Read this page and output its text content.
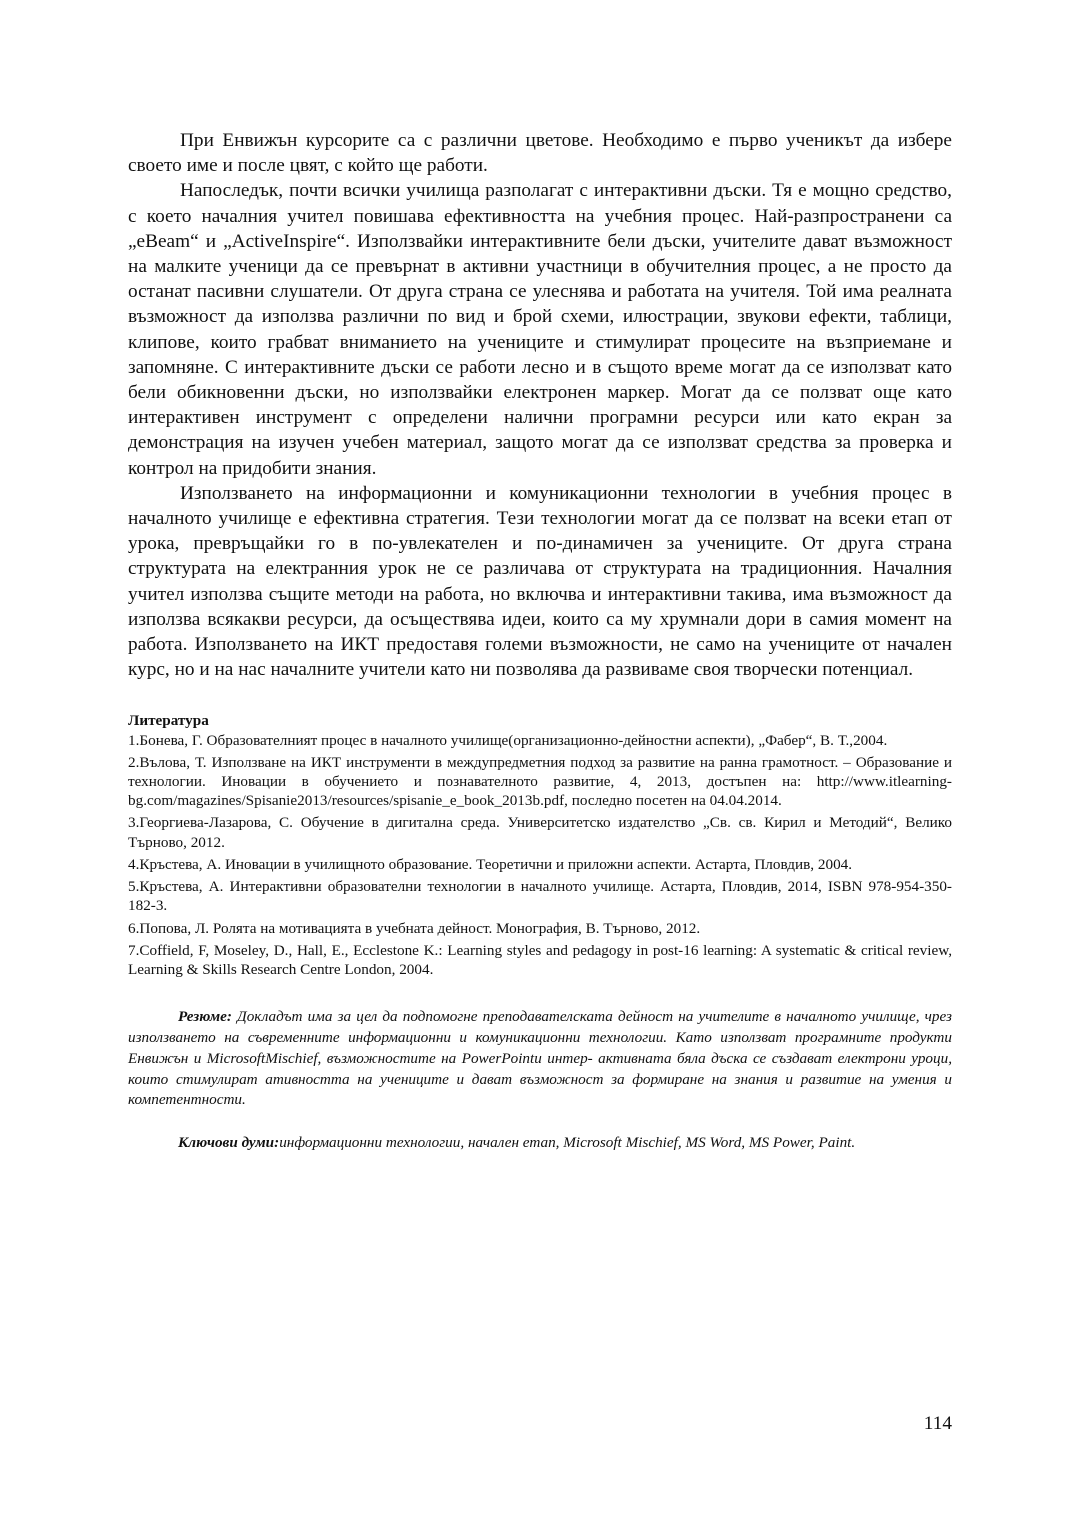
При Енвижън курсорите са с различни цветове. Необходимо е първо ученикът да избере своето име и после цвят, с който ще работи.

Напоследък, почти всички училища разполагат с интерактивни дъски. Тя е мощно средство, с което началния учител повишава ефективността на учебния процес. Най-разпространени са „eBeam“ и „ActiveInspire“. Използвайки интерактивните бели дъски, учителите дават възможност на малките ученици да се превърнат в активни участници в обучителния процес, а не просто да останат пасивни слушатели. От друга страна се улеснява и работата на учителя. Той има реалната възможност да използва различни по вид и брой схеми, илюстрации, звукови ефекти, таблици, клипове, които грабват вниманието на учениците и стимулират процесите на възприемане и запомняне. С интерактивните дъски се работи лесно и в същото време могат да се използват като бели обикновенни дъски, но използвайки електронен маркер. Могат да се ползват още като интерактивен инструмент с определени налични програмни ресурси или като екран за демонстрация на изучен учебен материал, защото могат да се използват средства за проверка и контрол на придобити знания.

Използването на информационни и комуникационни технологии в учебния процес в началното училище е ефективна стратегия. Тези технологии могат да се ползват на всеки етап от урока, превръщайки го в по-увлекателен и по-динамичен за учениците. От друга страна структурата на електранния урок не се различава от структурата на традиционния. Началния учител използва същите методи на работа, но включва и интерактивни такива, има възможност да използва всякакви ресурси, да осъществява идеи, които са му хрумнали дори в самия момент на работа. Използването на ИКТ предоставя големи възможности, не само на учениците от начален курс, но и на нас началните учители като ни позволява да развиваме своя творчески потенциал.

Литература

1.Бонева, Г. Образователният процес в началното училище(организационно-дейностни аспекти), „Фабер“, В. Т.,2004.
2.Вълова, Т. Използване на ИКТ инструменти в междупредметния подход за развитие на ранна грамотност. – Образование и технологии. Иновации в обучението и познавателното развитие, 4, 2013, достъпен на: http://www.itlearning-bg.com/magazines/Spisanie2013/resources/spisanie_e_book_2013b.pdf, последно посетен на 04.04.2014.
3.Георгиева-Лазарова, С. Обучение в дигитална среда. Университетско издателство „Св. св. Кирил и Методий“, Велико Търново, 2012.
4.Кръстева, А. Иновации в училищното образование. Теоретични и приложни аспекти. Астарта, Пловдив, 2004.
5.Кръстева, А. Интерактивни образователни технологии в началното училище. Астарта, Пловдив, 2014, ISBN 978-954-350-182-3.
6.Попова, Л. Ролята на мотивацията в учебната дейност. Монография, В. Търново, 2012.
7.Coffield, F, Moseley, D., Hall, E., Ecclestone K.: Learning styles and pedagogy in post-16 learning: A systematic & critical review, Learning & Skills Research Centre London, 2004.

Резюме: Докладът има за цел да подпомогне преподавателската дейност на учителите в началното училище, чрез използването на съвременните информационни и комуникационни технологии. Като използват програмните продукти Енвижън и MicrosoftMischief, възможностите на PowerPointи интер- активната бяла дъска се създават електрони уроци, които стимулират ативността на учениците и дават възможност за формиране на знания и развитие на умения и компетентности.

Ключови думи:информационни технологии, начален етап, Microsoft Mischief, MS Word, MS Power, Paint.

114
